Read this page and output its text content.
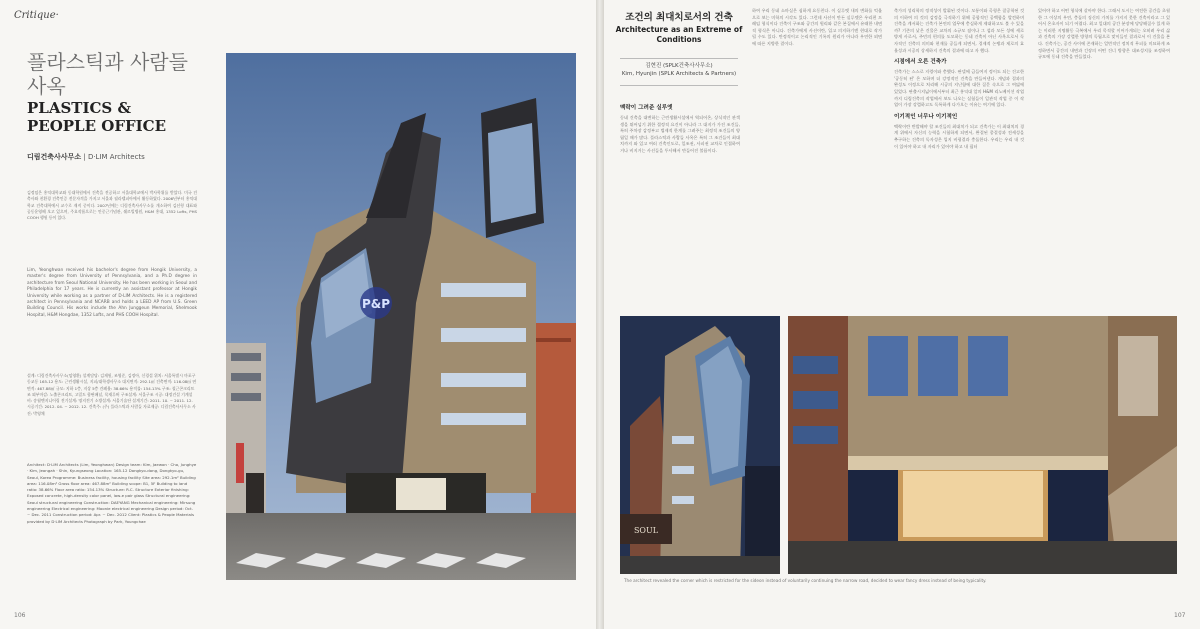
Critique·
플라스틱과 사람들 사옥
PLASTICS & PEOPLE OFFICE
디림건축사사무소 | D·LIM Architects

김정임은 홍익대학교와 동대학원에서 건축을 전공하고 서울대학교에서 박사학위를 받았다. 미국 건축사와 친환경 건축인증 전문자격을 가지고 서울과 필라델피아에서 활동하였다. 2006년부터 홍익대학교 건축대학에서 교수로 재직 중이다. 2007년에는 디림건축사사무소를 개소하여 김선형 대표와 공동운영해 오고 있으며, 주요작품으로는 안중근기념관, 쉐르빌병원, H&M 홍대, 1352 Lofts, PHS COOH 행원 등이 있다.

Lim, Yeonghwan received his bachelor's degree from Hongik University, a master's degree from University of Pennsylvania, and a Ph.D degree in architecture from Seoul National University. He has been working in Seoul and Philadelphia for 17 years. He is currently an assistant professor at Hongik University while working as a partner of D·LIM Architects. He is a registered architect in Pennsylvania and NCARB and holds a LEED AP from U.S. Green Building Council. His works include the Ahn Junggeun Memorial, Shelmook Hospital, H&M Hongdae, 1352 Lofts, and PHS COOH Hospital.

설계: 디림건축사사무소(임영환) 설계담당: 김재원, 조영준, 김정아, 신경섭 위치: 서울특별시 마포구 동교동 165-12 용도: 근린생활시설, 지피/대학생사무소 대지면적: 292.1㎡ 건축면적: 116.08㎡ 연면적: 467.88㎡ 규모: 지하 1층, 지상 5층 건폐율: 38.66% 용적률: 154.13% 구조: 철근콘크리트조 외부마감: 노출콘크리트, 고밀도 합판패널, 목재루버 구조설계: 서울구조 시공: 대정건설 기계설비: 송월엔지니어링 전기설계: 명지전기 소방설계: 서울기술단 설계기간: 2011. 10. ~ 2011. 12. 시공기간: 2012. 04. ~ 2012. 12. 건축주: (주) 플라스틱과 사람들 자료제공: 디림건축사사무소 사진: 박영채

Architect: D·LIM Architects (Lim, Yeonghwan) Design team: Kim, Jaewon · Cho, Junghye · Kim, Jeongah · Shin, Kyungseong Location: 165-12 Dongkyo-dong, Dongkyo-gu, Seoul, Korea Programme: Business facility, housing facility Site area: 292.1m² Building area: 116.08m² Gross floor area: 467.88m² Building scope: B1, 5F Building to land ratio: 38.66% Floor area ratio: 154.13% Structure: R.C. Structure Exterior finishing: Exposed concrete, high-density color panel, low-e pair glass Structural engineering: Seoul structural engineering Construction: DAEYANG Mechanical engineering: Mirsung engineering Electrical engineering: Moonie electrical engineering Design period: Oct. ~ Dec. 2011 Construction period: Apr. ~ Dec. 2012 Client: Plastics & People Materials provided by D·LIM Architects Photograph by Park, Youngchae

P&P
106
조건의 최대치로서의 건축
Architecture as an Extreme of Conditions
김현진 (SPLK건축사사무소)
Kim, Hyunjin (SPLK Architects & Partners)
맥락이 그려준 실루엣

동네 건축을 대변하는 근린생활시설에서 역되어온, 상식적인 관객생을 뛰어넘기 위한 절정적 요건이 아니라 그 대지가 가진 조건들, 특히 주차장 감정부고 법제적 한계를 그려주는 최정적 조건들의 양립일 때가 많다. 플라스틱과 사람들 사옥은 특히 그 조건들이 최대치까지 와 있고 여러 건축인도로, 일조권, 사피권 교차로 인접하여거나 비지거는 사선들을 투사해서 만들어진 볼륨이다.

하여 우리 동네 소마실은 심하게 요동친다. 이 실루엣 내의 변화를 억울으로 보는 미학의 시각도 있다. 그런데 사선이 만든 실루엣은 우리편 프레임 형식이다 건축이 구조와 공간의 원리와 같은 본질에서 유래한 내면적 형식은 아니다. 건축가에게 사선이란, 입고 의지하기엔 현대로 작가될 수도 있다. 만정적이고 논리적인 기록의 원리가 아니라 우연한 외면에 따른 지방한 결이다.

축가의 성리학의 정적성이 발휘된 것이다. 모퉁이와 곡형은 잘공학된 것의 이하여 의 것의 감정을 극적하기 위해 공합적인 공백함을 발견하며 건축을 계서화는 건축가 본연의 업무에 충실하게 제대하고도 볼 수 있을까? 기존의 낮은 건물은 교차의 소규모 점이나 그 섬과 모든 성에 세로 방게 사로서, 주민의 편의를 도모하는 동네 건축이 아닌 사옥으로서 독자적인 건축의 의미와 현재를 공들게 되면서, 경제적 논쟁과 제로의 효율성과 시공의 상세하지 건축의 결과에 따고 자 했다.

시점에서 오른 건축가

건축가는 스스로 지렁이와 충했다. 판넬에 금들여지 정이도 되는 건고한 '공동히 된' 은 모하며 더 강정적인 건축을 만들어낸다. 개념과 결과의 완성도 이정으로 처리해 시공의 지난함에 대한 질문 속으로 그 여덟에 있었다. 판출시지넓이에서부터 최근 홍익대 앞의 H&M 리노베이션 작업까지 디림건축의 작업에서 보도 나오는 실험들이 일관적 작업 중 이 작업이 가장 강렬하고도 독특하게 다가오는 이유는 여기에 있다.

이기적인 너무나 이기적인

맥락이란 반발해야 할 조건들의 최대치가 되고 건축가는 이 최대치의 경계 위에서 자신의 능력을 시험하게 되면서, 완결된 종결성과 전세성을 추구하는 건축의 독자성은 입지 비평결과 충돌한다. 우리는 우리 내 것이 있어야 하고 내 자리가 있어야 하고 내 필터

있어야 하고 어떤 형식에 살아야 한다. 그래서 도시는 여전한 공간을 초월한 그 이상의 우연, 충돌의 징신의 가치를 가지지 못한 건축이라고 그 있어서 온초자이 되기 어렵다. 최고 일대의 공간 분장에 당당해질수 있게 하는 이러한 지명활동 극복에서 우리 목적할 이어가게되는 오히려 우리 삶과 건축의 가장 강렬한 방향의 독립으로 맞이들인 결과로서 이 건물을 본다. 건축가는, 공간 사이에 존재하는 얼번적인 정치적 무피를 미묘하게 조정하면서 공간의 내면과 긴장의 어떤 건너 방향은 대조성지를 조정하여 규모에 동네 건축을 만들었다.

SOUL
The architect revealed the corner which is restricted for the sideon instead of voluntarily continuing the narrow road, decided to wear fancy dress instead of being typicality.
107
